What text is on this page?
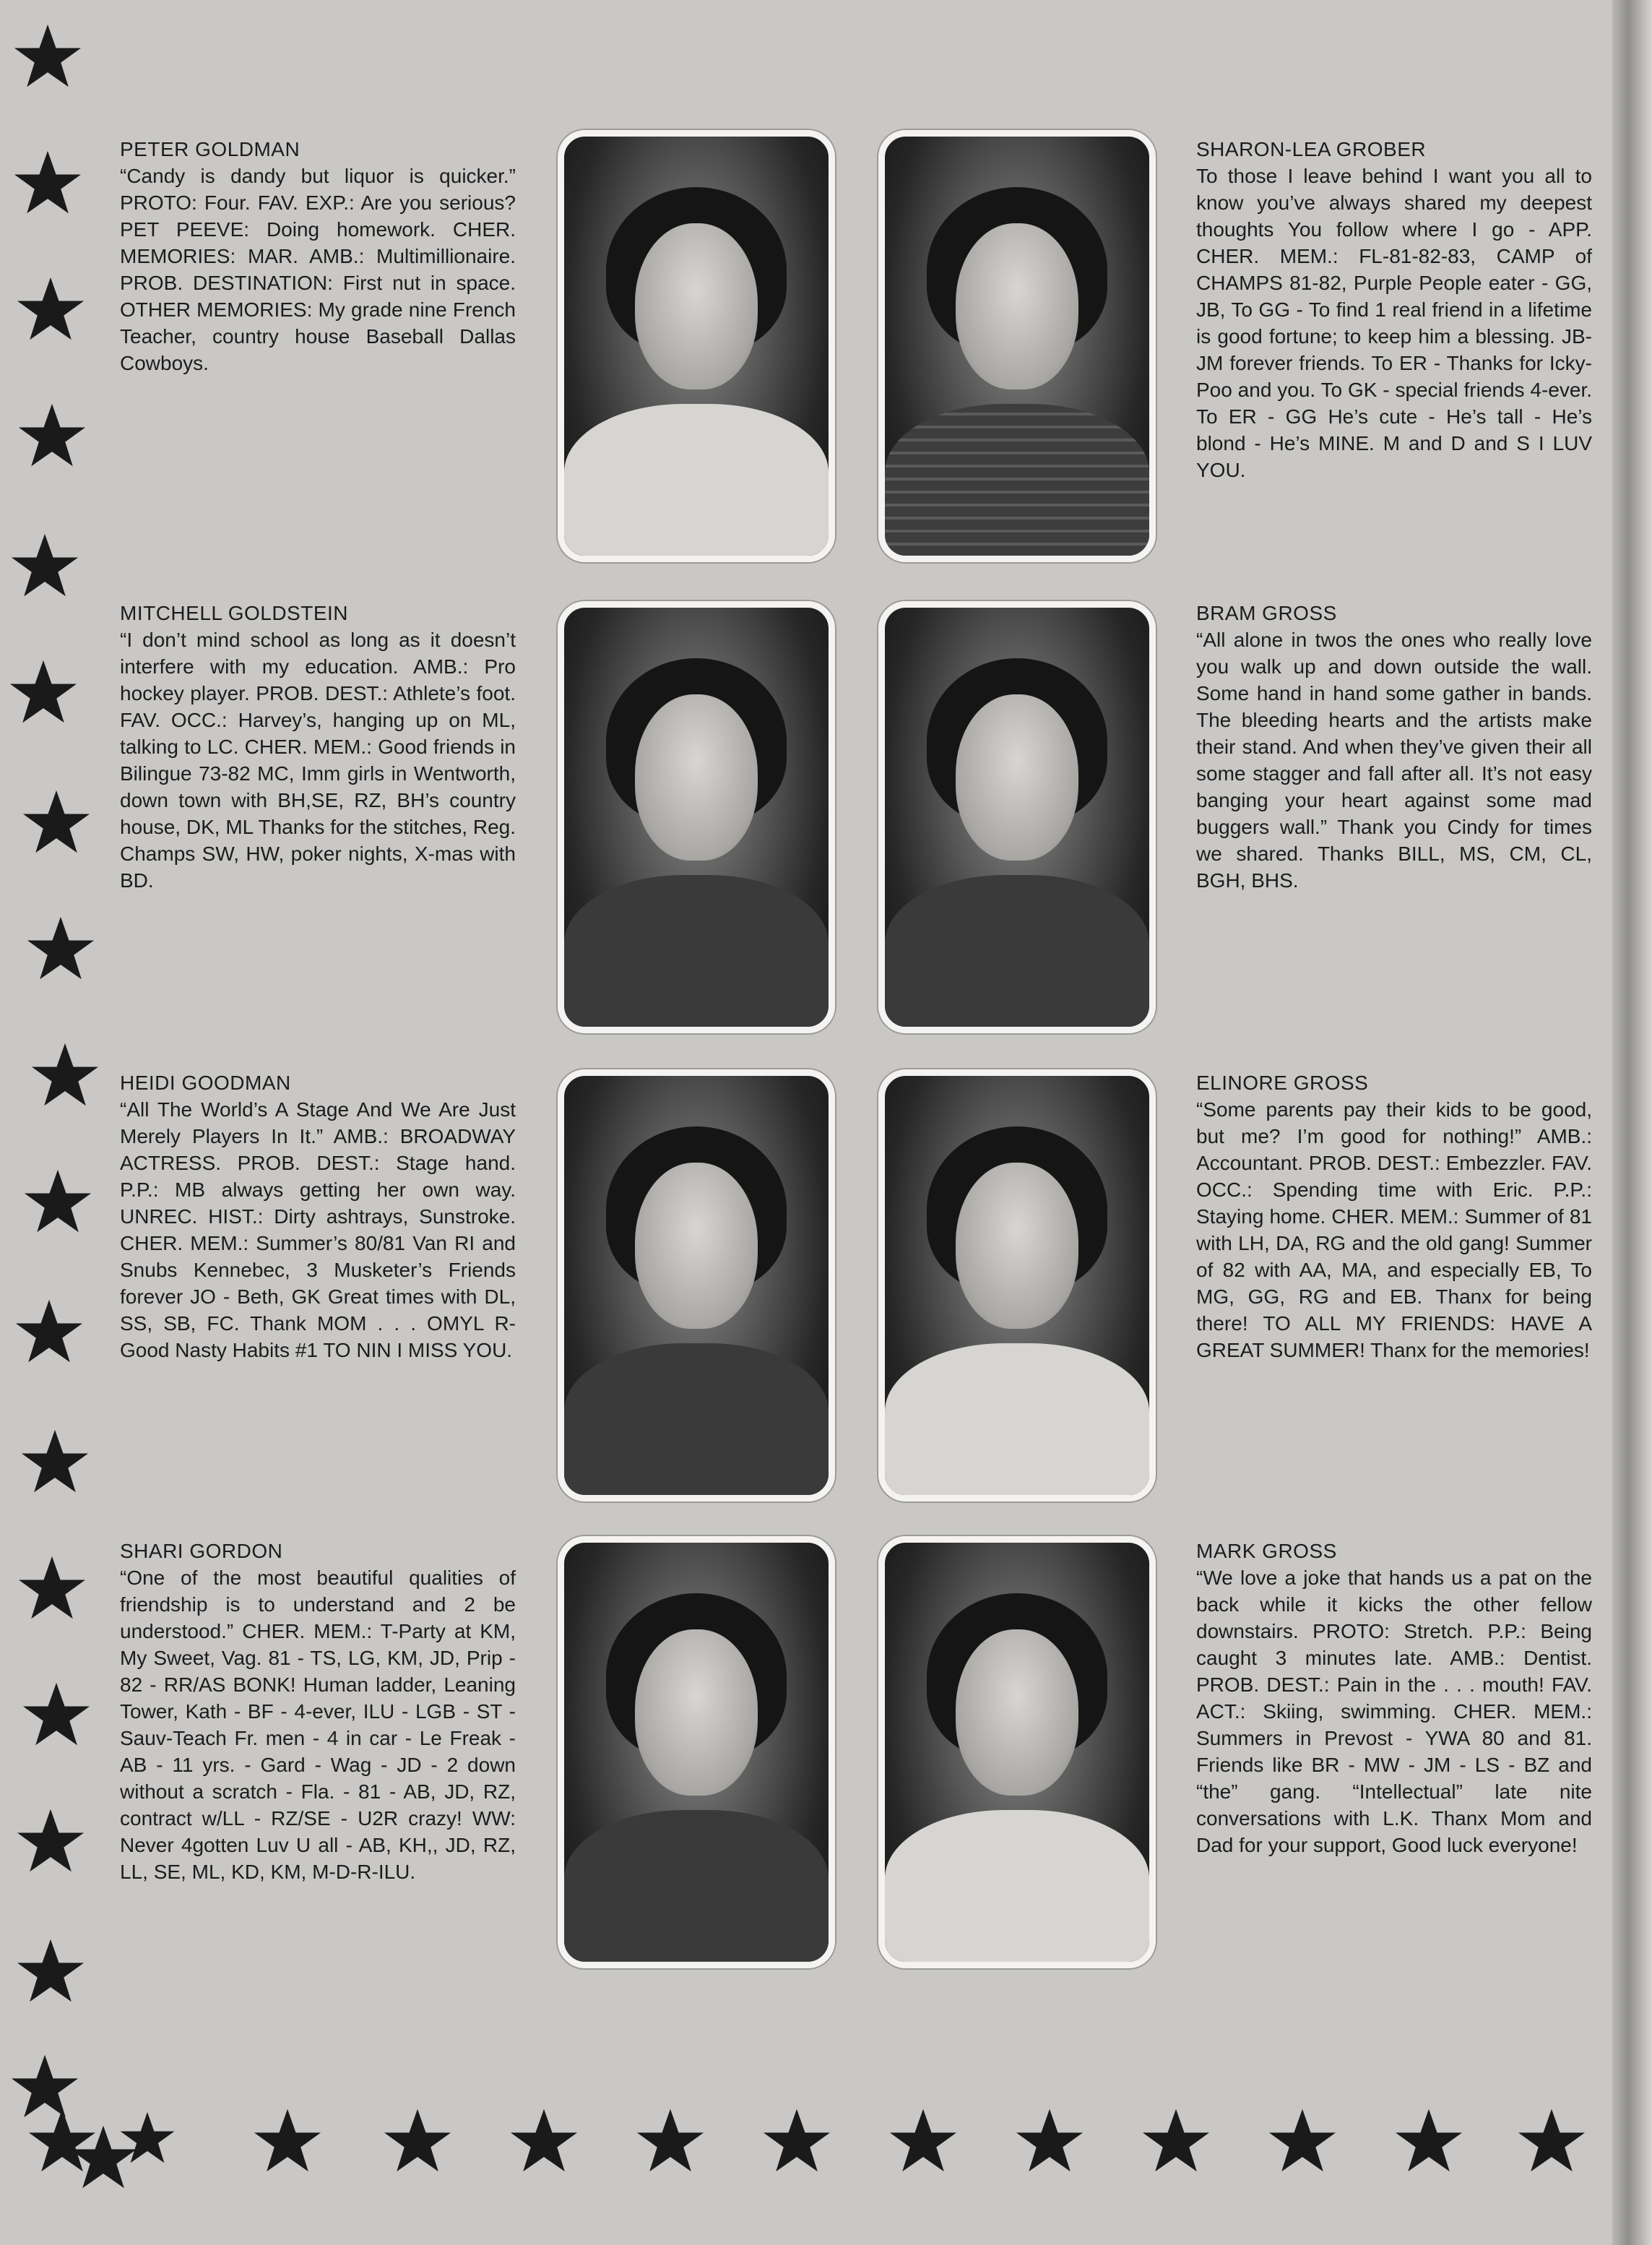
PETER GOLDMAN
“Candy is dandy but liquor is quicker.” PROTO: Four. FAV. EXP.: Are you serious? PET PEEVE: Doing homework. CHER. MEMORIES: MAR. AMB.: Multimillionaire. PROB. DESTINATION: First nut in space. OTHER MEMORIES: My grade nine French Teacher, country house Baseball Dallas Cowboys.
SHARON-LEA GROBER
To those I leave behind I want you all to know you’ve always shared my deepest thoughts You follow where I go - APP. CHER. MEM.: FL-81-82-83, CAMP of CHAMPS 81-82, Purple People eater - GG, JB, To GG - To find 1 real friend in a lifetime is good fortune; to keep him a blessing. JB-JM forever friends. To ER - Thanks for Icky-Poo and you. To GK - special friends 4-ever. To ER - GG He’s cute - He’s tall - He’s blond - He’s MINE. M and D and S I LUV YOU.
MITCHELL GOLDSTEIN
“I don’t mind school as long as it doesn’t interfere with my education. AMB.: Pro hockey player. PROB. DEST.: Athlete’s foot. FAV. OCC.: Harvey’s, hanging up on ML, talking to LC. CHER. MEM.: Good friends in Bilingue 73-82 MC, Imm girls in Wentworth, down town with BH,SE, RZ, BH’s country house, DK, ML Thanks for the stitches, Reg. Champs SW, HW, poker nights, X-mas with BD.
BRAM GROSS
“All alone in twos the ones who really love you walk up and down outside the wall. Some hand in hand some gather in bands. The bleeding hearts and the artists make their stand. And when they’ve given their all some stagger and fall after all. It’s not easy banging your heart against some mad buggers wall.” Thank you Cindy for times we shared. Thanks BILL, MS, CM, CL, BGH, BHS.
HEIDI GOODMAN
“All The World’s A Stage And We Are Just Merely Players In It.” AMB.: BROADWAY ACTRESS. PROB. DEST.: Stage hand. P.P.: MB always getting her own way. UNREC. HIST.: Dirty ashtrays, Sunstroke. CHER. MEM.: Summer’s 80/81 Van RI and Snubs Kennebec, 3 Musketer’s Friends forever JO - Beth, GK Great times with DL, SS, SB, FC. Thank MOM . . . OMYL R-Good Nasty Habits #1 TO NIN I MISS YOU.
ELINORE GROSS
“Some parents pay their kids to be good, but me? I’m good for nothing!” AMB.: Accountant. PROB. DEST.: Embezzler. FAV. OCC.: Spending time with Eric. P.P.: Staying home. CHER. MEM.: Summer of 81 with LH, DA, RG and the old gang! Summer of 82 with AA, MA, and especially EB, To MG, GG, RG and EB. Thanx for being there! TO ALL MY FRIENDS: HAVE A GREAT SUMMER! Thanx for the memories!
SHARI GORDON
“One of the most beautiful qualities of friendship is to understand and 2 be understood.” CHER. MEM.: T-Party at KM, My Sweet, Vag. 81 - TS, LG, KM, JD, Prip - 82 - RR/AS BONK! Human ladder, Leaning Tower, Kath - BF - 4-ever, ILU - LGB - ST - Sauv-Teach Fr. men - 4 in car - Le Freak - AB - 11 yrs. - Gard - Wag - JD - 2 down without a scratch - Fla. - 81 - AB, JD, RZ, contract w/LL - RZ/SE - U2R crazy! WW: Never 4gotten Luv U all - AB, KH,, JD, RZ, LL, SE, ML, KD, KM, M-D-R-ILU.
MARK GROSS
“We love a joke that hands us a pat on the back while it kicks the other fellow downstairs. PROTO: Stretch. P.P.: Being caught 3 minutes late. AMB.: Dentist. PROB. DEST.: Pain in the . . . mouth! FAV. ACT.: Skiing, swimming. CHER. MEM.: Summers in Prevost - YWA 80 and 81. Friends like BR - MW - JM - LS - BZ and “the” gang. “Intellectual” late nite conversations with L.K. Thanx Mom and Dad for your support, Good luck everyone!
